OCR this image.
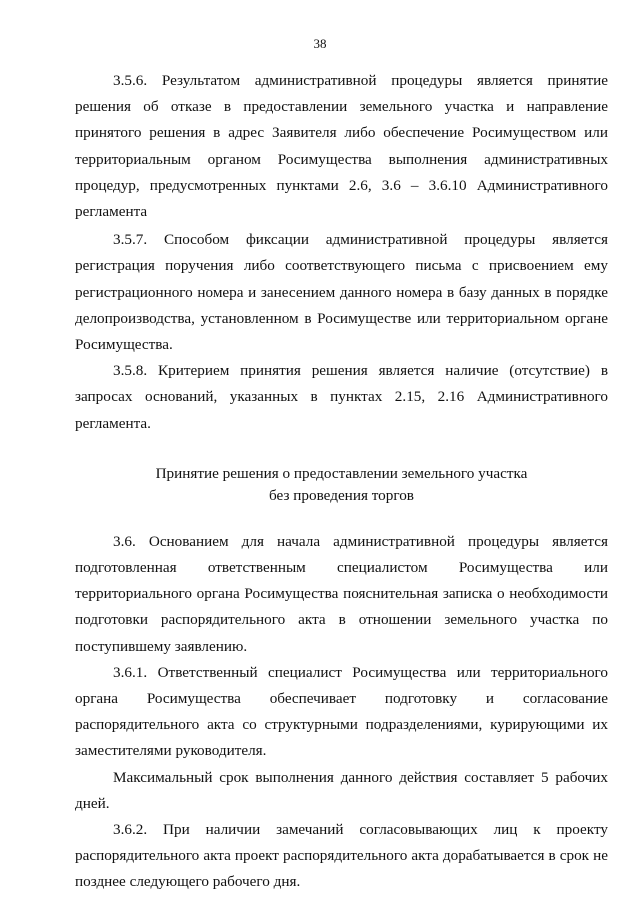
38

3.5.6. Результатом административной процедуры является принятие решения об отказе в предоставлении земельного участка и направление принятого решения в адрес Заявителя либо обеспечение Росимуществом или территориальным органом Росимущества выполнения административных процедур, предусмотренных пунктами 2.6, 3.6 – 3.6.10 Административного регламента

3.5.7. Способом фиксации административной процедуры является регистрация поручения либо соответствующего письма с присвоением ему регистрационного номера и занесением данного номера в базу данных в порядке делопроизводства, установленном в Росимуществе или территориальном органе Росимущества.

3.5.8. Критерием принятия решения является наличие (отсутствие) в запросах оснований, указанных в пунктах 2.15, 2.16 Административного регламента.

Принятие решения о предоставлении земельного участка
без проведения торгов

3.6. Основанием для начала административной процедуры является подготовленная ответственным специалистом Росимущества или территориального органа Росимущества пояснительная записка о необходимости подготовки распорядительного акта в отношении земельного участка по поступившему заявлению.

3.6.1. Ответственный специалист Росимущества или территориального органа Росимущества обеспечивает подготовку и согласование распорядительного акта со структурными подразделениями, курирующими их заместителями руководителя.

Максимальный срок выполнения данного действия составляет 5 рабочих дней.

3.6.2. При наличии замечаний согласовывающих лиц к проекту распорядительного акта проект распорядительного акта дорабатывается в срок не позднее следующего рабочего дня.
